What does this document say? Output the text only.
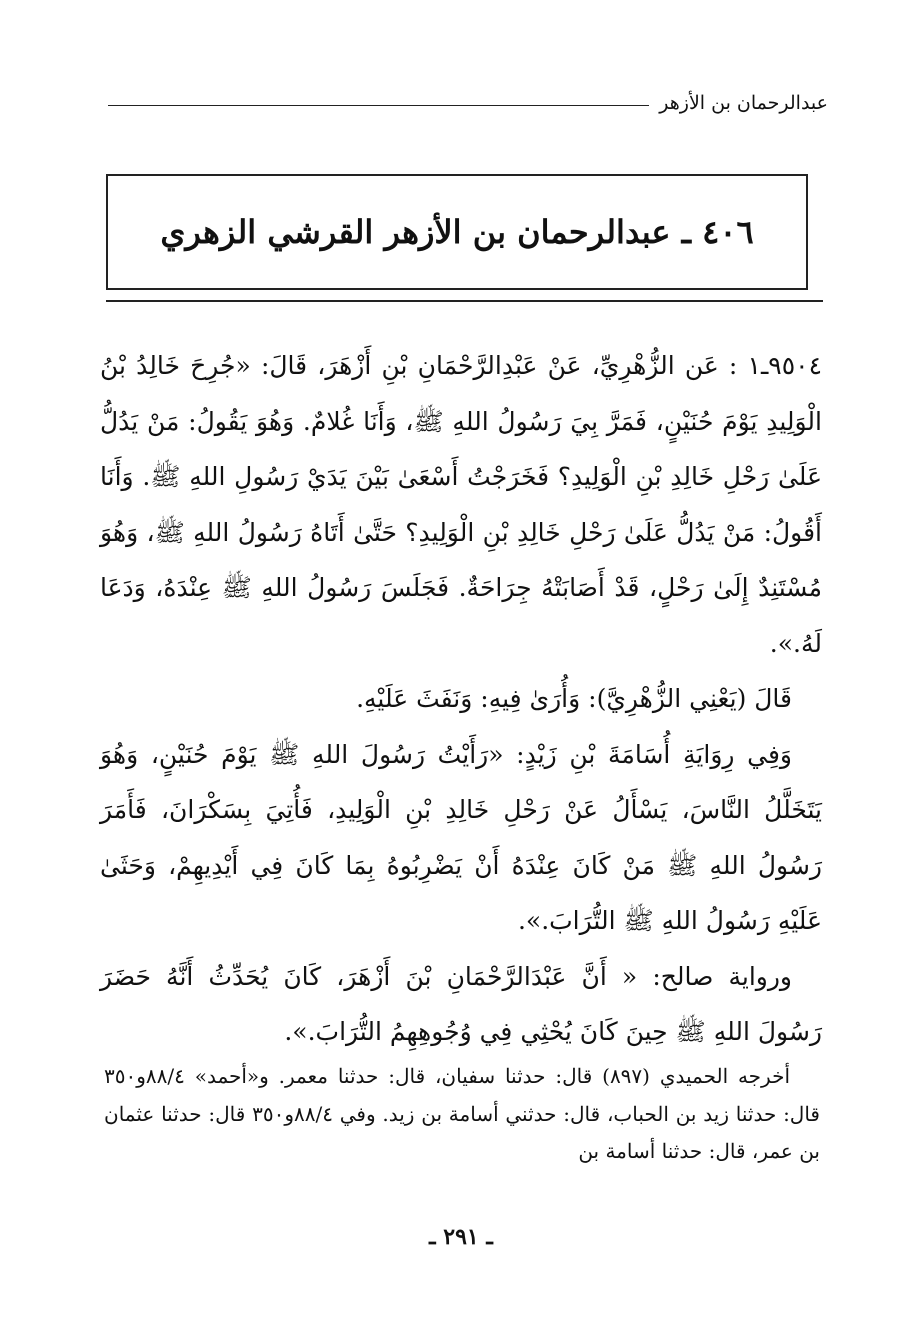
عبدالرحمان بن الأزهر
٤٠٦ ـ عبدالرحمان بن الأزهر القرشي الزهري

٩٥٠٤ـ١ : عَن الزُّهْرِيِّ، عَنْ عَبْدِالرَّحْمَانِ بْنِ أَزْهَرَ، قَالَ: «جُرِحَ خَالِدُ بْنُ الْوَلِيدِ يَوْمَ حُنَيْنٍ، فَمَرَّ بِيَ رَسُولُ اللهِ ﷺ، وَأَنَا غُلامٌ. وَهُوَ يَقُولُ: مَنْ يَدُلُّ عَلَىٰ رَحْلِ خَالِدِ بْنِ الْوَلِيدِ؟ فَخَرَجْتُ أَسْعَىٰ بَيْنَ يَدَيْ رَسُولِ اللهِ ﷺ. وَأَنَا أَقُولُ: مَنْ يَدُلُّ عَلَىٰ رَحْلِ خَالِدِ بْنِ الْوَلِيدِ؟ حَتَّىٰ أَتَاهُ رَسُولُ اللهِ ﷺ، وَهُوَ مُسْتَنِدٌ إِلَىٰ رَحْلٍ، قَدْ أَصَابَتْهُ جِرَاحَةٌ. فَجَلَسَ رَسُولُ اللهِ ﷺ عِنْدَهُ، وَدَعَا لَهُ.».

قَالَ (يَعْنِي الزُّهْرِيَّ): وَأُرَىٰ فِيهِ: وَنَفَثَ عَلَيْهِ.

وَفِي رِوَايَةِ أُسَامَةَ بْنِ زَيْدٍ: «رَأَيْتُ رَسُولَ اللهِ ﷺ يَوْمَ حُنَيْنٍ، وَهُوَ يَتَخَلَّلُ النَّاسَ، يَسْأَلُ عَنْ رَحْلِ خَالِدِ بْنِ الْوَلِيدِ، فَأُتِيَ بِسَكْرَانَ، فَأَمَرَ رَسُولُ اللهِ ﷺ مَنْ كَانَ عِنْدَهُ أَنْ يَضْرِبُوهُ بِمَا كَانَ فِي أَيْدِيهِمْ، وَحَثَىٰ عَلَيْهِ رَسُولُ اللهِ ﷺ التُّرَابَ.».

ورواية صالح: « أَنَّ عَبْدَالرَّحْمَانِ بْنَ أَزْهَرَ، كَانَ يُحَدِّثُ أَنَّهُ حَضَرَ رَسُولَ اللهِ ﷺ حِينَ كَانَ يُحْثِي فِي وُجُوهِهِمُ التُّرَابَ.».

أخرجه الحميدي (٨٩٧) قال: حدثنا سفيان، قال: حدثنا معمر. و«أحمد» ٨٨/٤و٣٥٠ قال: حدثنا زيد بن الحباب، قال: حدثني أسامة بن زيد. وفي ٨٨/٤و٣٥٠ قال: حدثنا عثمان بن عمر، قال: حدثنا أسامة بن

ـ ٢٩١ ـ
